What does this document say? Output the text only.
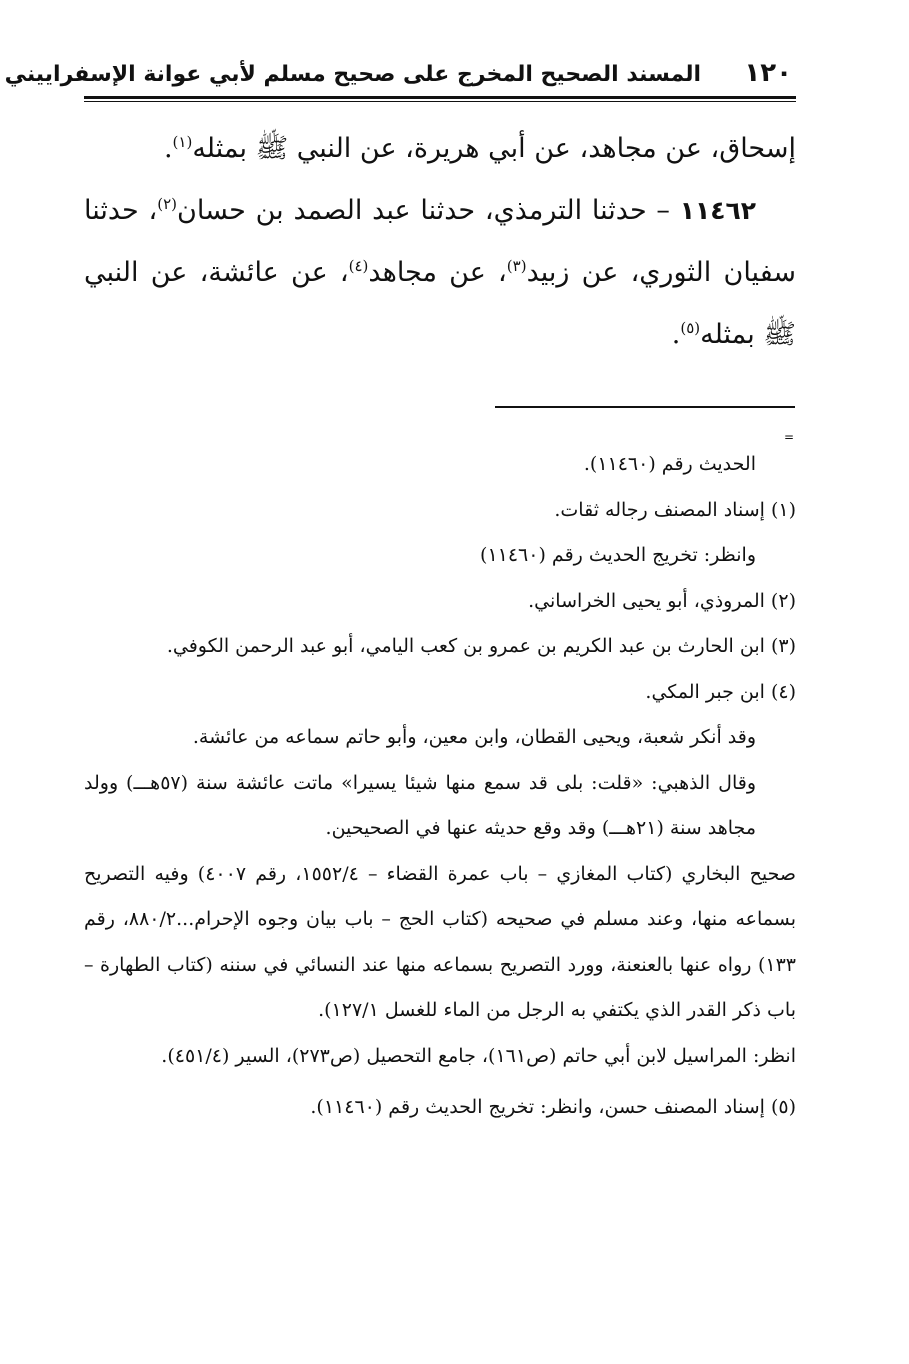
١٢٠
المسند الصحيح المخرج على صحيح مسلم لأبي عوانة الإسفراييني

إسحاق، عن مجاهد، عن أبي هريرة، عن النبي ﷺ بمثله$^{(١)}$.

١١٤٦٢ – حدثنا الترمذي، حدثنا عبد الصمد بن حسان$^{(٢)}$، حدثنا سفيان الثوري، عن زبيد$^{(٣)}$، عن مجاهد$^{(٤)}$، عن عائشة، عن النبي ﷺ بمثله$^{(٥)}$.

=

الحديث رقم (١١٤٦٠).

(١) إسناد المصنف رجاله ثقات.

وانظر: تخريج الحديث رقم (١١٤٦٠)

(٢) المروذي، أبو يحيى الخراساني.

(٣) ابن الحارث بن عبد الكريم بن عمرو بن كعب اليامي، أبو عبد الرحمن الكوفي.

(٤) ابن جبر المكي.

وقد أنكر شعبة، ويحيى القطان، وابن معين، وأبو حاتم سماعه من عائشة.

وقال الذهبي: «قلت: بلى قد سمع منها شيئا يسيرا» ماتت عائشة سنة (٥٧هـــ) وولد مجاهد سنة (٢١هـــ) وقد وقع حديثه عنها في الصحيحين.

صحيح البخاري (كتاب المغازي – باب عمرة القضاء – ١٥٥٢/٤، رقم ٤٠٠٧) وفيه التصريح بسماعه منها، وعند مسلم في صحيحه (كتاب الحج – باب بيان وجوه الإحرام...٨٨٠/٢، رقم ١٣٣) رواه عنها بالعنعنة، وورد التصريح بسماعه منها عند النسائي في سننه (كتاب الطهارة – باب ذكر القدر الذي يكتفي به الرجل من الماء للغسل ١٢٧/١).

انظر: المراسيل لابن أبي حاتم (ص١٦١)، جامع التحصيل (ص٢٧٣)، السير (٤٥١/٤).

(٥) إسناد المصنف حسن، وانظر: تخريج الحديث رقم (١١٤٦٠).
